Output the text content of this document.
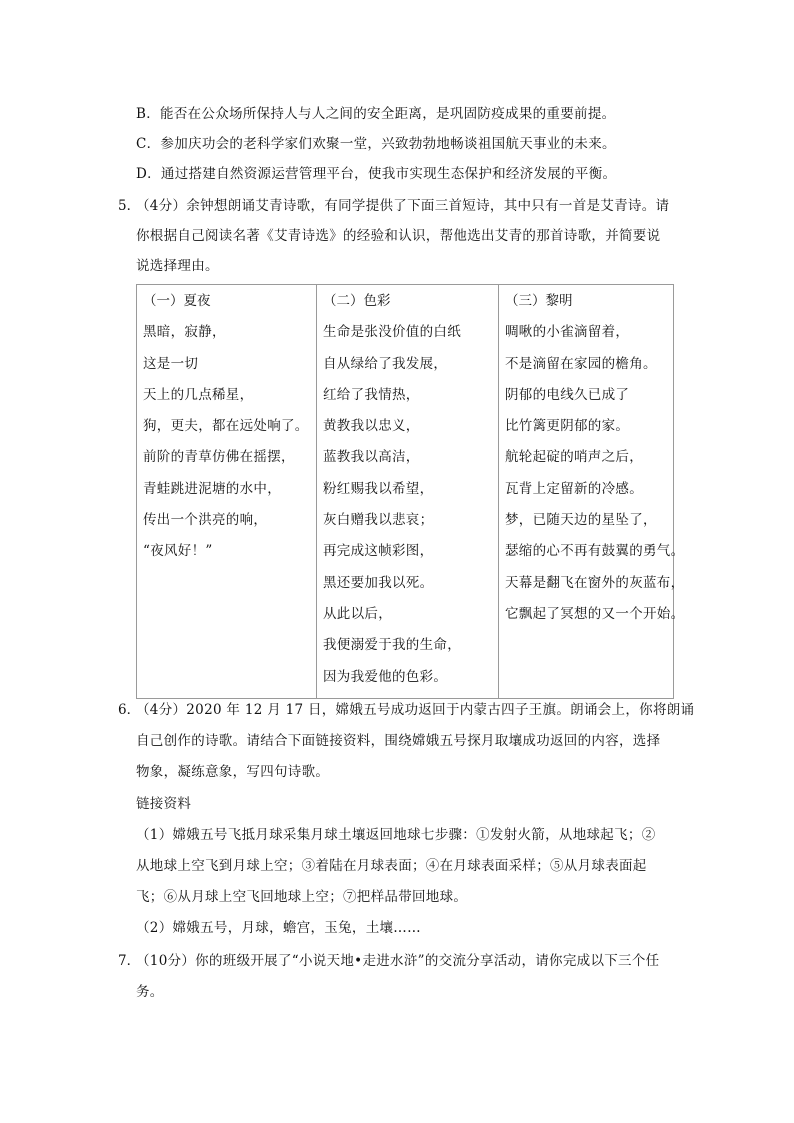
B．能否在公众场所保持人与人之间的安全距离，是巩固防疫成果的重要前提。
C．参加庆功会的老科学家们欢聚一堂，兴致勃勃地畅谈祖国航天事业的未来。
D．通过搭建自然资源运营管理平台，使我市实现生态保护和经济发展的平衡。
5．
（4分）余钟想朗诵艾青诗歌，有同学提供了下面三首短诗，其中只有一首是艾青诗。请
你根据自己阅读名著《艾青诗选》的经验和认识，帮他选出艾青的那首诗歌，并简要说
说选择理由。
（一）夏夜
黑暗，寂静，
这是一切
天上的几点稀星，
狗，更夫，都在远处响了。
前阶的青草仿佛在摇摆，
青蛙跳进泥塘的水中，
传出一个洪亮的响，
“夜风好！”

（二）色彩
生命是张没价值的白纸
自从绿给了我发展，
红给了我情热，
黄教我以忠义，
蓝教我以高洁，
粉红赐我以希望，
灰白赠我以悲哀；
再完成这帧彩图，
黑还要加我以死。
从此以后，
我便溺爱于我的生命，
因为我爱他的色彩。

（三）黎明
啁啾的小雀滴留着，
不是滴留在家园的檐角。
阴郁的电线久已成了
比竹篱更阴郁的家。
航轮起碇的哨声之后，
瓦背上定留新的冷感。
梦，已随天边的星坠了，
瑟缩的心不再有鼓翼的勇气。
天幕是翻飞在窗外的灰蓝布，
它飘起了冥想的又一个开始。
6．
（4分）2020 年 12 月 17 日，嫦娥五号成功返回于内蒙古四子王旗。朗诵会上，你将朗诵
自己创作的诗歌。请结合下面链接资料，围绕嫦娥五号探月取壤成功返回的内容，选择
物象，凝练意象，写四句诗歌。
链接资料
（1）嫦娥五号飞抵月球采集月球土壤返回地球七步骤：①发射火箭，从地球起飞；②
从地球上空飞到月球上空；③着陆在月球表面；④在月球表面采样；⑤从月球表面起
飞；⑥从月球上空飞回地球上空；⑦把样品带回地球。
（2）嫦娥五号，月球，蟾宫，玉兔，土壤……
7．
（10分）你的班级开展了“小说天地•走进水浒”的交流分享活动，请你完成以下三个任
务。
